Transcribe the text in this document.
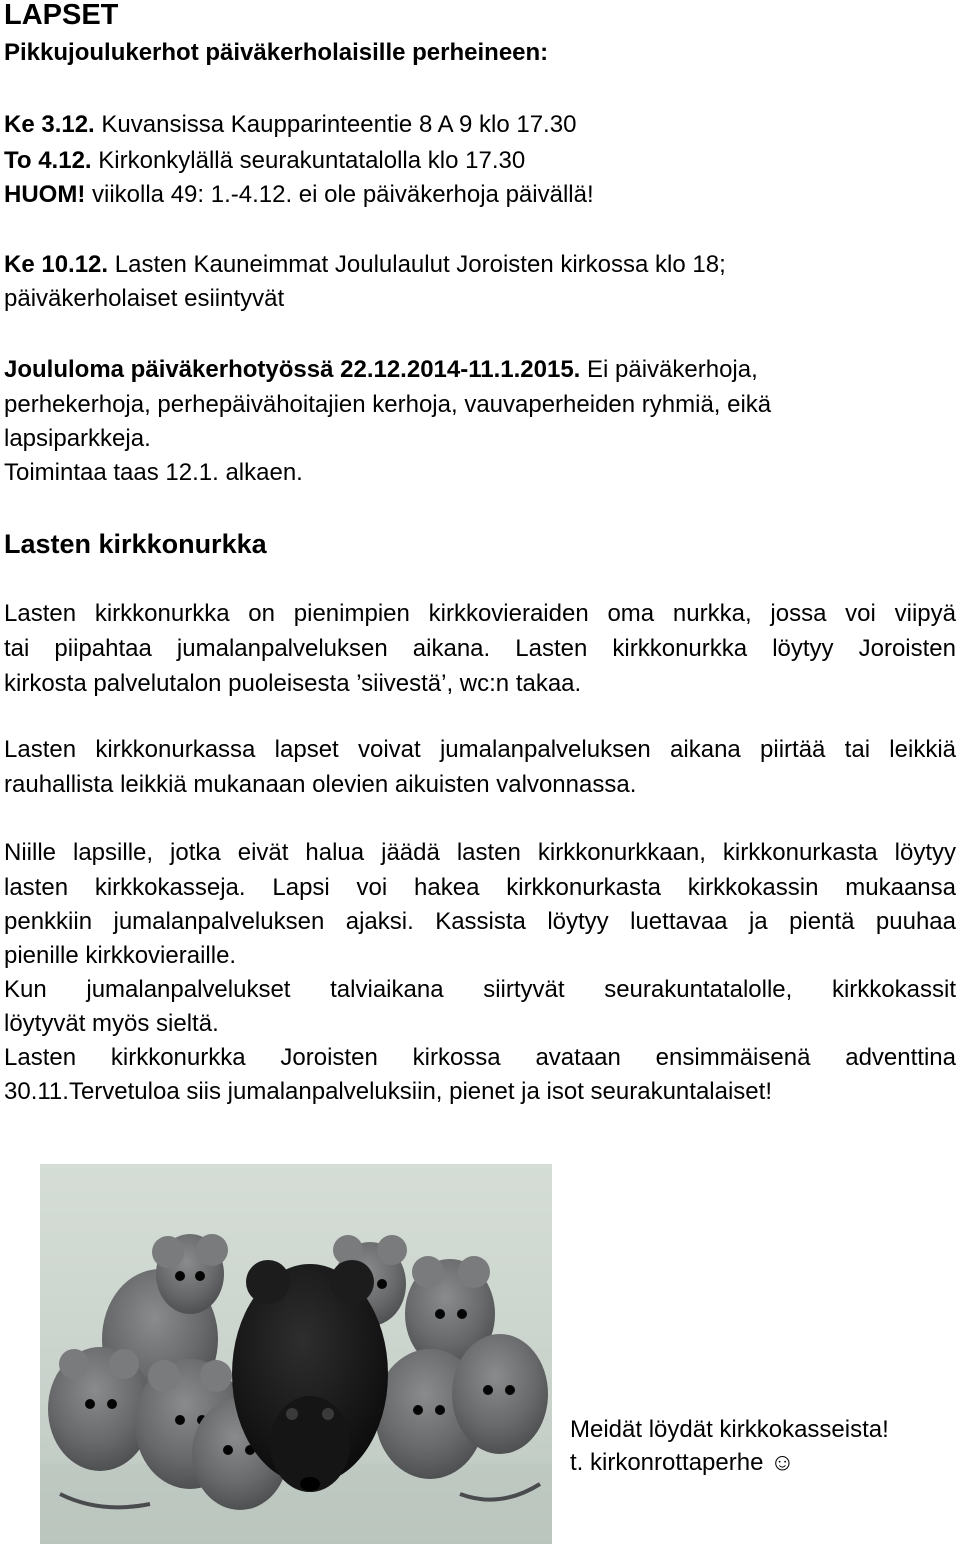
LAPSET
Pikkujoulukerhot päiväkerholaisille perheineen:
Ke 3.12. Kuvansissa Kaupparinteentie 8 A 9 klo 17.30
To 4.12. Kirkonkylällä seurakuntatalolla klo 17.30
HUOM! viikolla 49: 1.-4.12. ei ole päiväkerhoja päivällä!
Ke 10.12. Lasten Kauneimmat Joululaulut Joroisten kirkossa klo 18;
päiväkerholaiset esiintyvät
Joululoma päiväkerhotyössä 22.12.2014-11.1.2015. Ei päiväkerhoja,
perhekerhoja, perhepäivähoitajien kerhoja, vauvaperheiden ryhmiä, eikä
lapsiparkkeja.
Toimintaa taas 12.1. alkaen.
Lasten kirkkonurkka
Lasten kirkkonurkka on pienimpien kirkkovieraiden oma nurkka, jossa voi viipyä
tai piipahtaa jumalanpalveluksen aikana. Lasten kirkkonurkka löytyy Joroisten
kirkosta palvelutalon puoleisesta ’siivestä’, wc:n takaa.
Lasten kirkkonurkassa lapset voivat jumalanpalveluksen aikana piirtää tai leikkiä
rauhallista leikkiä mukanaan olevien aikuisten valvonnassa.
Niille lapsille, jotka eivät halua jäädä lasten kirkkonurkkaan, kirkkonurkasta löytyy
lasten kirkkokasseja. Lapsi voi hakea kirkkonurkasta kirkkokassin mukaansa
penkkiin jumalanpalveluksen ajaksi. Kassista löytyy luettavaa ja pientä puuhaa
pienille kirkkovieraille.
Kun jumalanpalvelukset talviaikana siirtyvät seurakuntatalolle, kirkkokassit
löytyvät myös sieltä.
Lasten kirkkonurkka Joroisten kirkossa avataan ensimmäisenä adventtina
30.11.Tervetuloa siis jumalanpalveluksiin, pienet ja isot seurakuntalaiset!
Meidät löydät kirkkokasseista!
t. kirkonrottaperhe ☺
